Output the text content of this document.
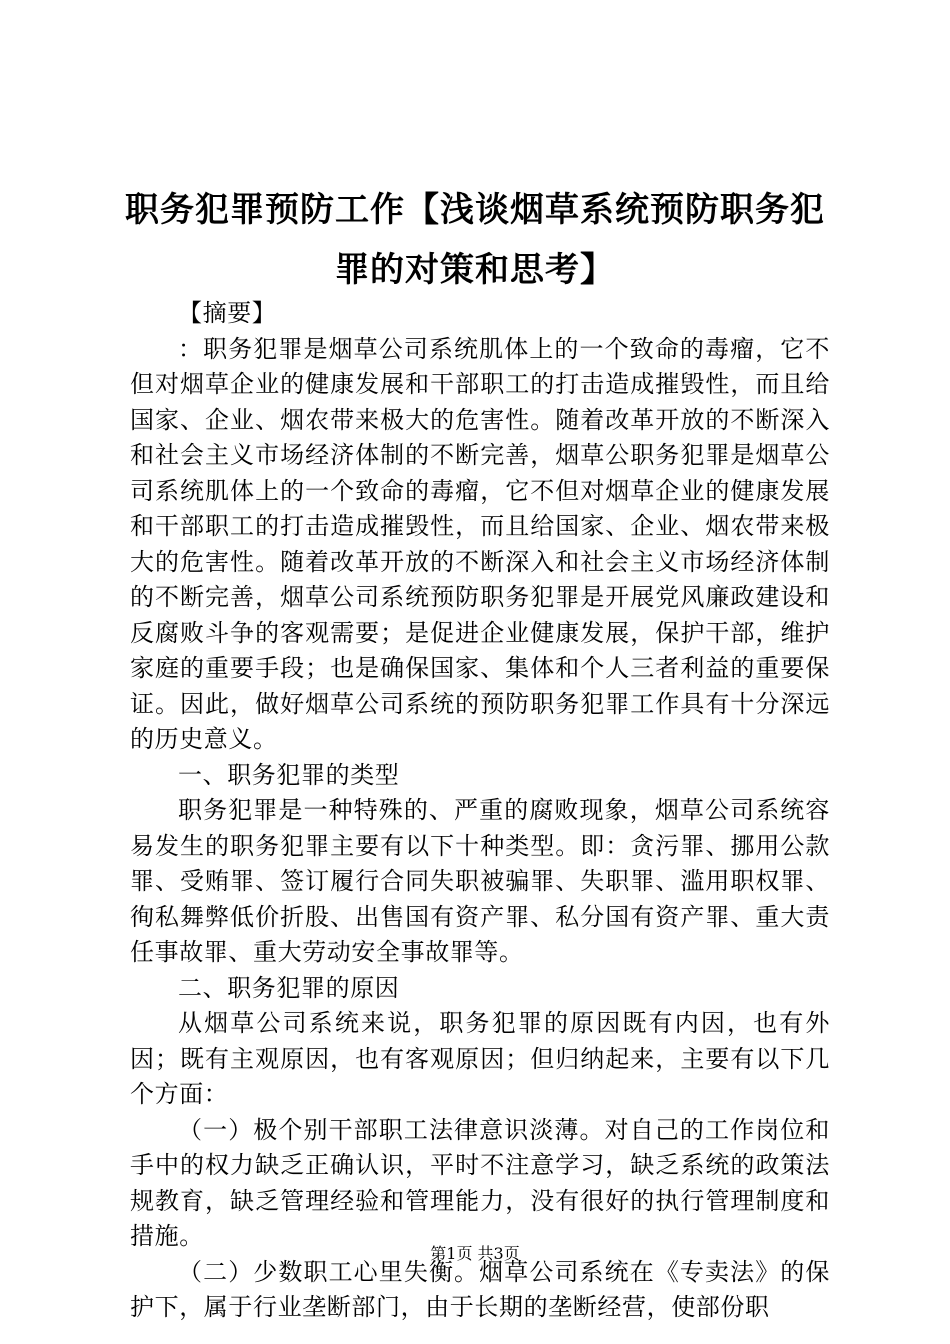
职务犯罪预防工作【浅谈烟草系统预防职务犯罪的对策和思考】

【摘要】

：职务犯罪是烟草公司系统肌体上的一个致命的毒瘤，它不但对烟草企业的健康发展和干部职工的打击造成摧毁性，而且给国家、企业、烟农带来极大的危害性。随着改革开放的不断深入和社会主义市场经济体制的不断完善，烟草公职务犯罪是烟草公司系统肌体上的一个致命的毒瘤，它不但对烟草企业的健康发展和干部职工的打击造成摧毁性，而且给国家、企业、烟农带来极大的危害性。随着改革开放的不断深入和社会主义市场经济体制的不断完善，烟草公司系统预防职务犯罪是开展党风廉政建设和反腐败斗争的客观需要；是促进企业健康发展，保护干部，维护家庭的重要手段；也是确保国家、集体和个人三者利益的重要保证。因此，做好烟草公司系统的预防职务犯罪工作具有十分深远的历史意义。

一、职务犯罪的类型

职务犯罪是一种特殊的、严重的腐败现象，烟草公司系统容易发生的职务犯罪主要有以下十种类型。即：贪污罪、挪用公款罪、受贿罪、签订履行合同失职被骗罪、失职罪、滥用职权罪、徇私舞弊低价折股、出售国有资产罪、私分国有资产罪、重大责任事故罪、重大劳动安全事故罪等。

二、职务犯罪的原因

从烟草公司系统来说，职务犯罪的原因既有内因，也有外因；既有主观原因，也有客观原因；但归纳起来，主要有以下几个方面：

（一）极个别干部职工法律意识淡薄。对自己的工作岗位和手中的权力缺乏正确认识，平时不注意学习，缺乏系统的政策法规教育，缺乏管理经验和管理能力，没有很好的执行管理制度和措施。

（二）少数职工心里失衡。烟草公司系统在《专卖法》的保护下，属于行业垄断部门，由于长期的垄断经营，使部份职

第1页 共3页
